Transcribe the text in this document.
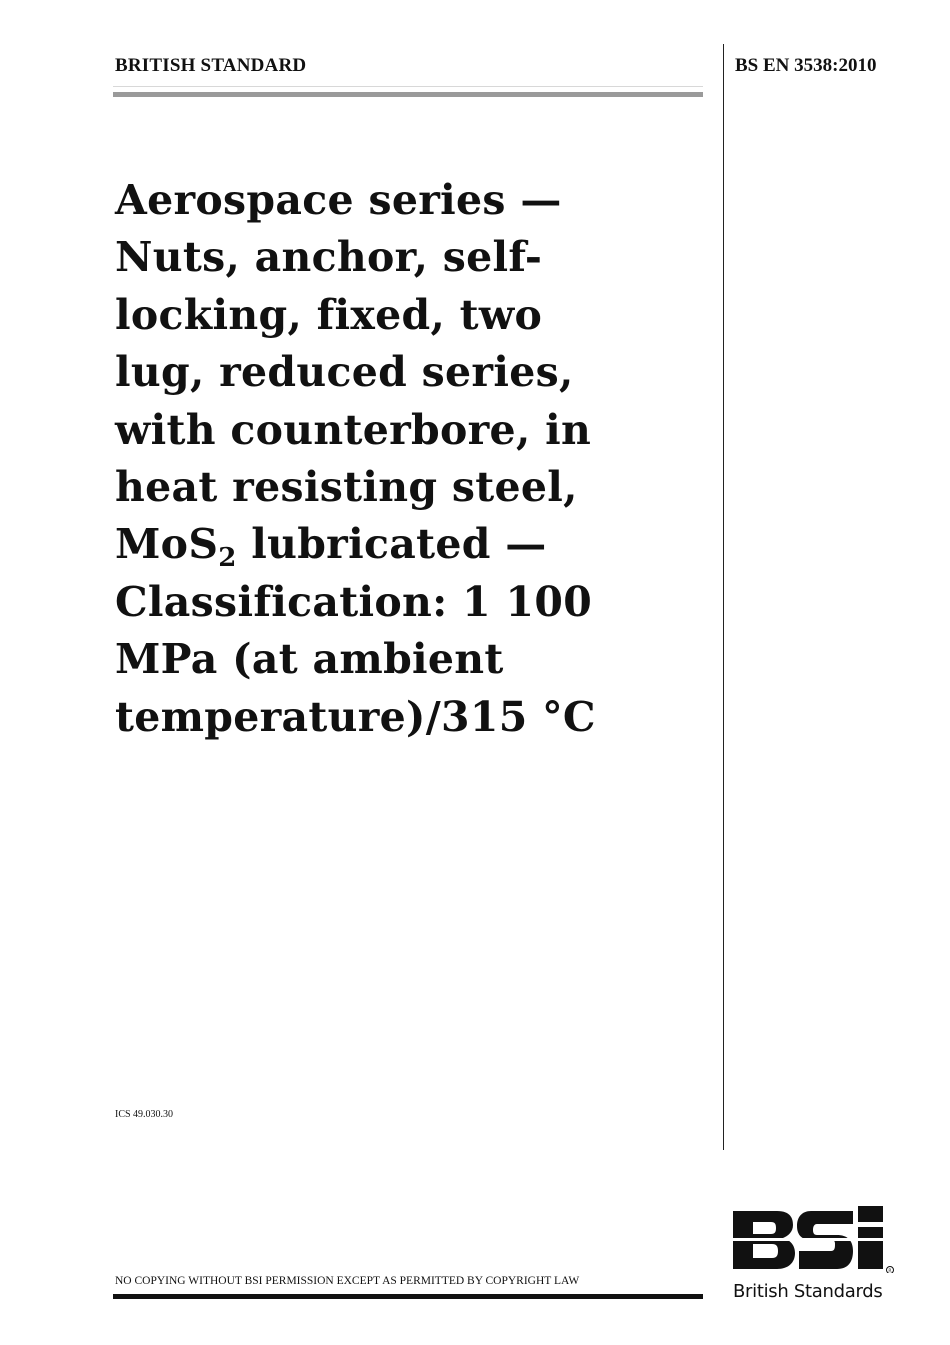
BRITISH STANDARD	BS EN 3538:2010
Aerospace series —
Nuts, anchor, self-
locking, fixed, two
lug, reduced series,
with counterbore, in
heat resisting steel,
MoS$_2$ lubricated —
Classification: 1 100
MPa (at ambient
temperature)/315 °C
ICS 49.030.30
NO COPYING WITHOUT BSI PERMISSION EXCEPT AS PERMITTED BY COPYRIGHT LAW
R
British Standards
